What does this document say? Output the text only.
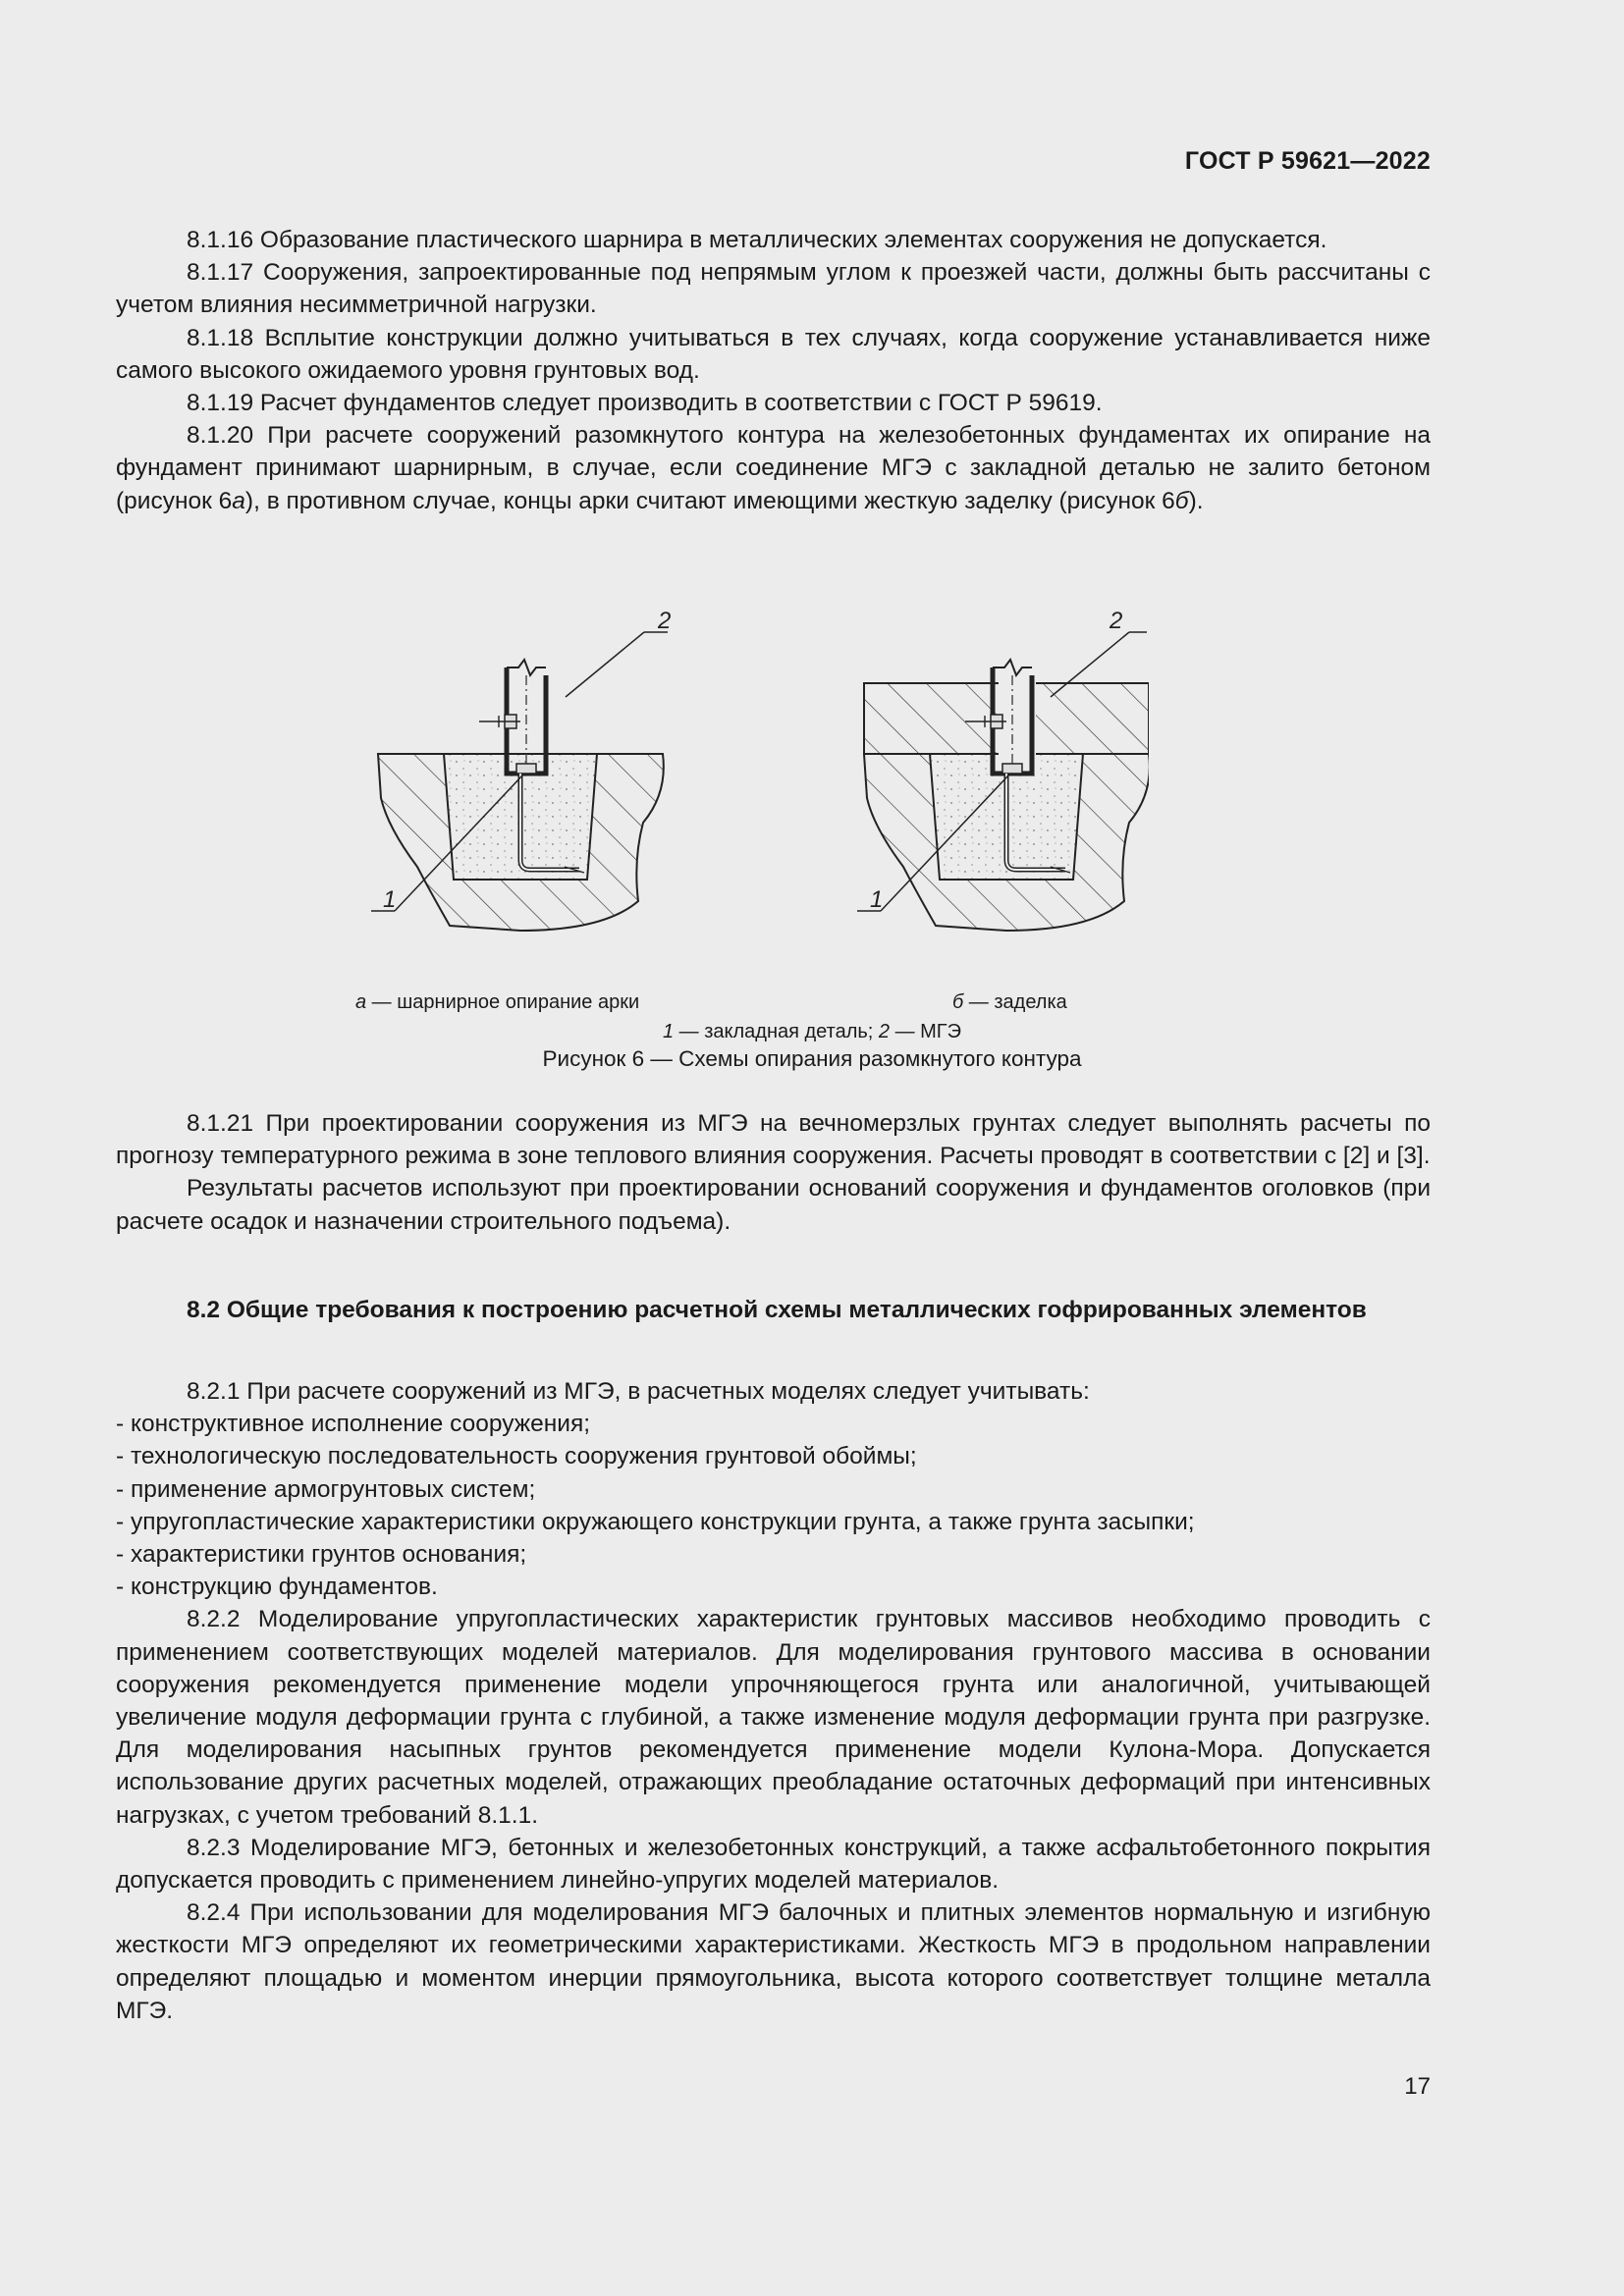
ГОСТ Р 59621—2022

8.1.16 Образование пластического шарнира в металлических элементах сооружения не допускается.

8.1.17 Сооружения, запроектированные под непрямым углом к проезжей части, должны быть рассчитаны с учетом влияния несимметричной нагрузки.

8.1.18 Всплытие конструкции должно учитываться в тех случаях, когда сооружение устанавливается ниже самого высокого ожидаемого уровня грунтовых вод.

8.1.19 Расчет фундаментов следует производить в соответствии с ГОСТ Р 59619.

8.1.20 При расчете сооружений разомкнутого контура на железобетонных фундаментах их опирание на фундамент принимают шарнирным, в случае, если соединение МГЭ с закладной деталью не залито бетоном (рисунок 6а), в противном случае, концы арки считают имеющими жесткую заделку (рисунок 6б).

2
1
2
1
а — шарнирное опирание арки	б — заделка
1 — закладная деталь; 2 — МГЭ
Рисунок 6 — Схемы опирания разомкнутого контура

8.1.21 При проектировании сооружения из МГЭ на вечномерзлых грунтах следует выполнять расчеты по прогнозу температурного режима в зоне теплового влияния сооружения. Расчеты проводят в соответствии с [2] и [3].

Результаты расчетов используют при проектировании оснований сооружения и фундаментов оголовков (при расчете осадок и назначении строительного подъема).

8.2 Общие требования к построению расчетной схемы металлических гофрированных элементов

8.2.1 При расчете сооружений из МГЭ, в расчетных моделях следует учитывать:

- конструктивное исполнение сооружения;

- технологическую последовательность сооружения грунтовой обоймы;

- применение армогрунтовых систем;

- упругопластические характеристики окружающего конструкции грунта, а также грунта засыпки;

- характеристики грунтов основания;

- конструкцию фундаментов.

8.2.2 Моделирование упругопластических характеристик грунтовых массивов необходимо проводить с применением соответствующих моделей материалов. Для моделирования грунтового массива в основании сооружения рекомендуется применение модели упрочняющегося грунта или аналогичной, учитывающей увеличение модуля деформации грунта с глубиной, а также изменение модуля деформации грунта при разгрузке. Для моделирования насыпных грунтов рекомендуется применение модели Кулона-Мора. Допускается использование других расчетных моделей, отражающих преобладание остаточных деформаций при интенсивных нагрузках, с учетом требований 8.1.1.

8.2.3 Моделирование МГЭ, бетонных и железобетонных конструкций, а также асфальтобетонного покрытия допускается проводить с применением линейно-упругих моделей материалов.

8.2.4 При использовании для моделирования МГЭ балочных и плитных элементов нормальную и изгибную жесткости МГЭ определяют их геометрическими характеристиками. Жесткость МГЭ в продольном направлении определяют площадью и моментом инерции прямоугольника, высота которого соответствует толщине металла МГЭ.

17
